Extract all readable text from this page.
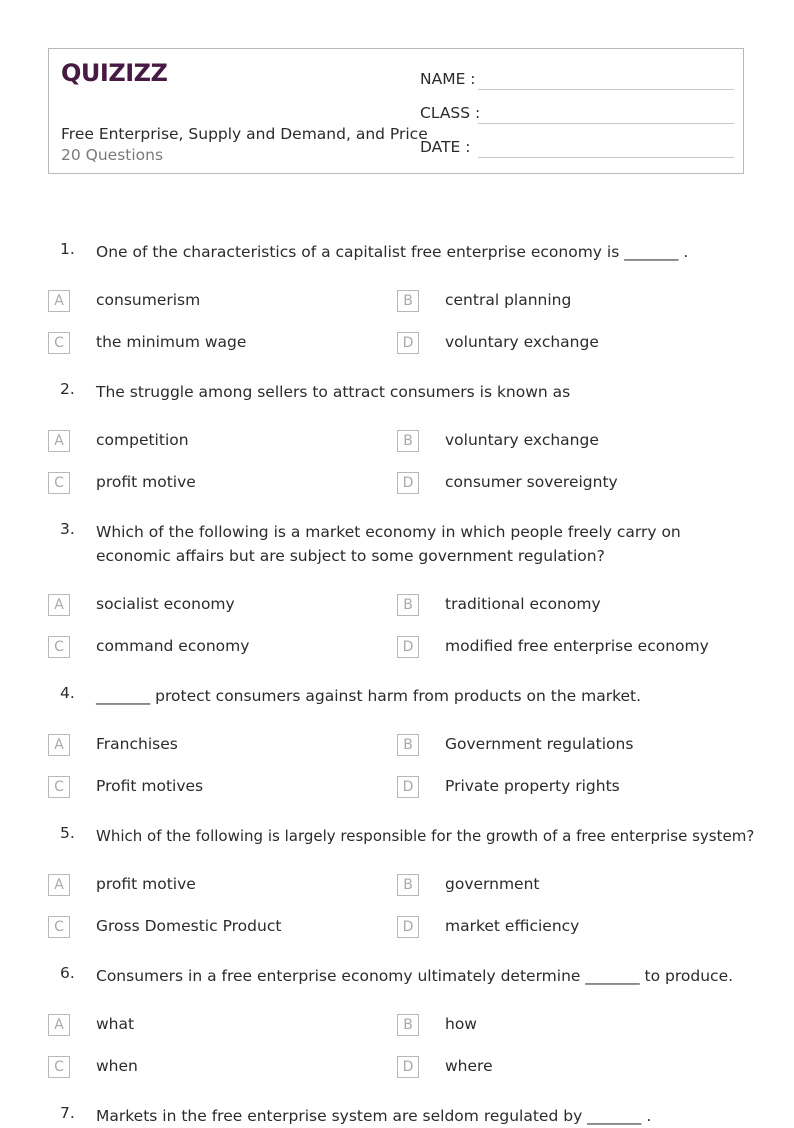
QUIZIZZ
Free Enterprise, Supply and Demand, and Price
20 Questions
NAME :
CLASS :
DATE :
1. One of the characteristics of a capitalist free enterprise economy is _______ .
A	consumerism	B	central planning
C	the minimum wage	D	voluntary exchange
2. The struggle among sellers to attract consumers is known as
A	competition	B	voluntary exchange
C	profit motive	D	consumer sovereignty
3. Which of the following is a market economy in which people freely carry on economic affairs but are subject to some government regulation?
A	socialist economy	B	traditional economy
C	command economy	D	modified free enterprise economy
4. _______ protect consumers against harm from products on the market.
A	Franchises	B	Government regulations
C	Profit motives	D	Private property rights
5. Which of the following is largely responsible for the growth of a free enterprise system?
A	profit motive	B	government
C	Gross Domestic Product	D	market efficiency
6. Consumers in a free enterprise economy ultimately determine _______ to produce.
A	what	B	how
C	when	D	where
7. Markets in the free enterprise system are seldom regulated by _______ .
